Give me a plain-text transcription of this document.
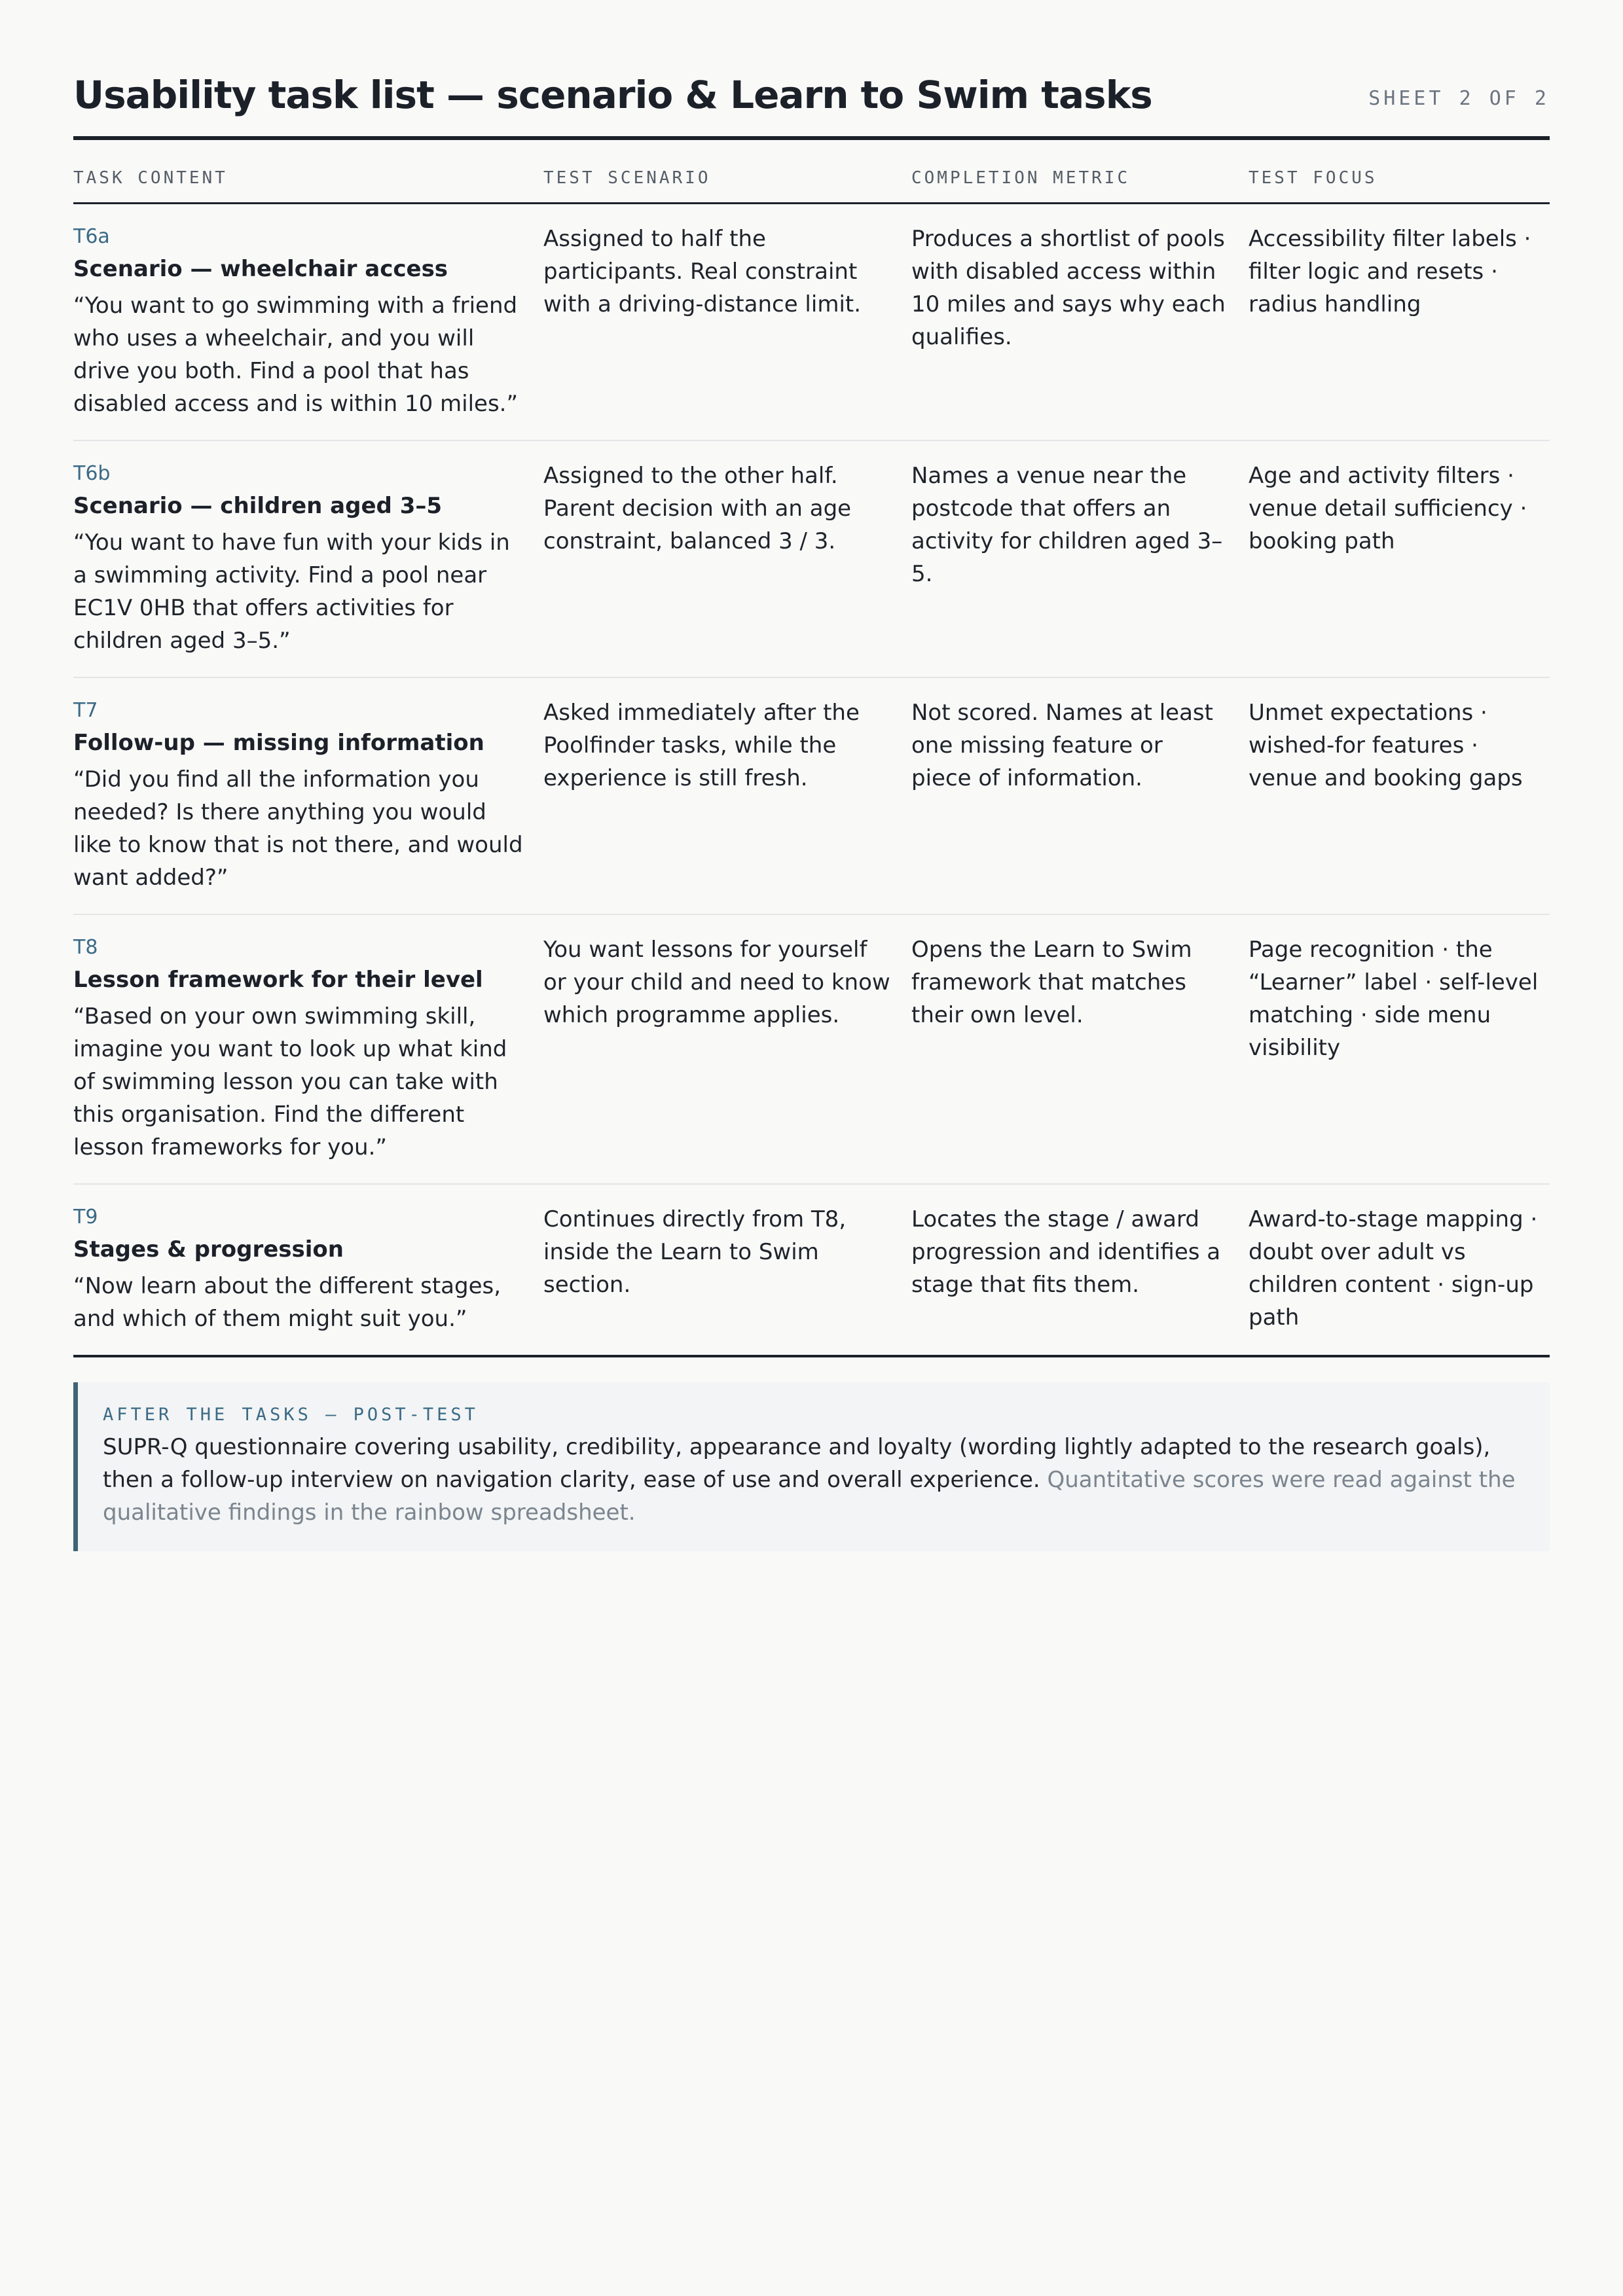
Usability task list — scenario & Learn to Swim tasks	SHEET 2 OF 2
TASK CONTENT	TEST SCENARIO	COMPLETION METRIC	TEST FOCUS

T6a
Scenario — wheelchair access
“You want to go swimming with a friend who uses a wheelchair, and you will drive you both. Find a pool that has disabled access and is within 10 miles.”	Assigned to half the participants. Real constraint with a driving-distance limit.	Produces a shortlist of pools with disabled access within 10 miles and says why each qualifies.	Accessibility filter labels · filter logic and resets · radius handling

T6b
Scenario — children aged 3–5
“You want to have fun with your kids in a swimming activity. Find a pool near EC1V 0HB that offers activities for children aged 3–5.”	Assigned to the other half. Parent decision with an age constraint, balanced 3 / 3.	Names a venue near the postcode that offers an activity for children aged 3–5.	Age and activity filters · venue detail sufficiency · booking path

T7
Follow-up — missing information
“Did you find all the information you needed? Is there anything you would like to know that is not there, and would want added?”	Asked immediately after the Poolfinder tasks, while the experience is still fresh.	Not scored. Names at least one missing feature or piece of information.	Unmet expectations · wished-for features · venue and booking gaps

T8
Lesson framework for their level
“Based on your own swimming skill, imagine you want to look up what kind of swimming lesson you can take with this organisation. Find the different lesson frameworks for you.”	You want lessons for yourself or your child and need to know which programme applies.	Opens the Learn to Swim framework that matches their own level.	Page recognition · the “Learner” label · self-level matching · side menu visibility

T9
Stages & progression
“Now learn about the different stages, and which of them might suit you.”	Continues directly from T8, inside the Learn to Swim section.	Locates the stage / award progression and identifies a stage that fits them.	Award-to-stage mapping · doubt over adult vs children content · sign-up path
AFTER THE TASKS — POST-TEST
SUPR-Q questionnaire covering usability, credibility, appearance and loyalty (wording lightly adapted to the research goals), then a follow-up interview on navigation clarity, ease of use and overall experience. Quantitative scores were read against the qualitative findings in the rainbow spreadsheet.
